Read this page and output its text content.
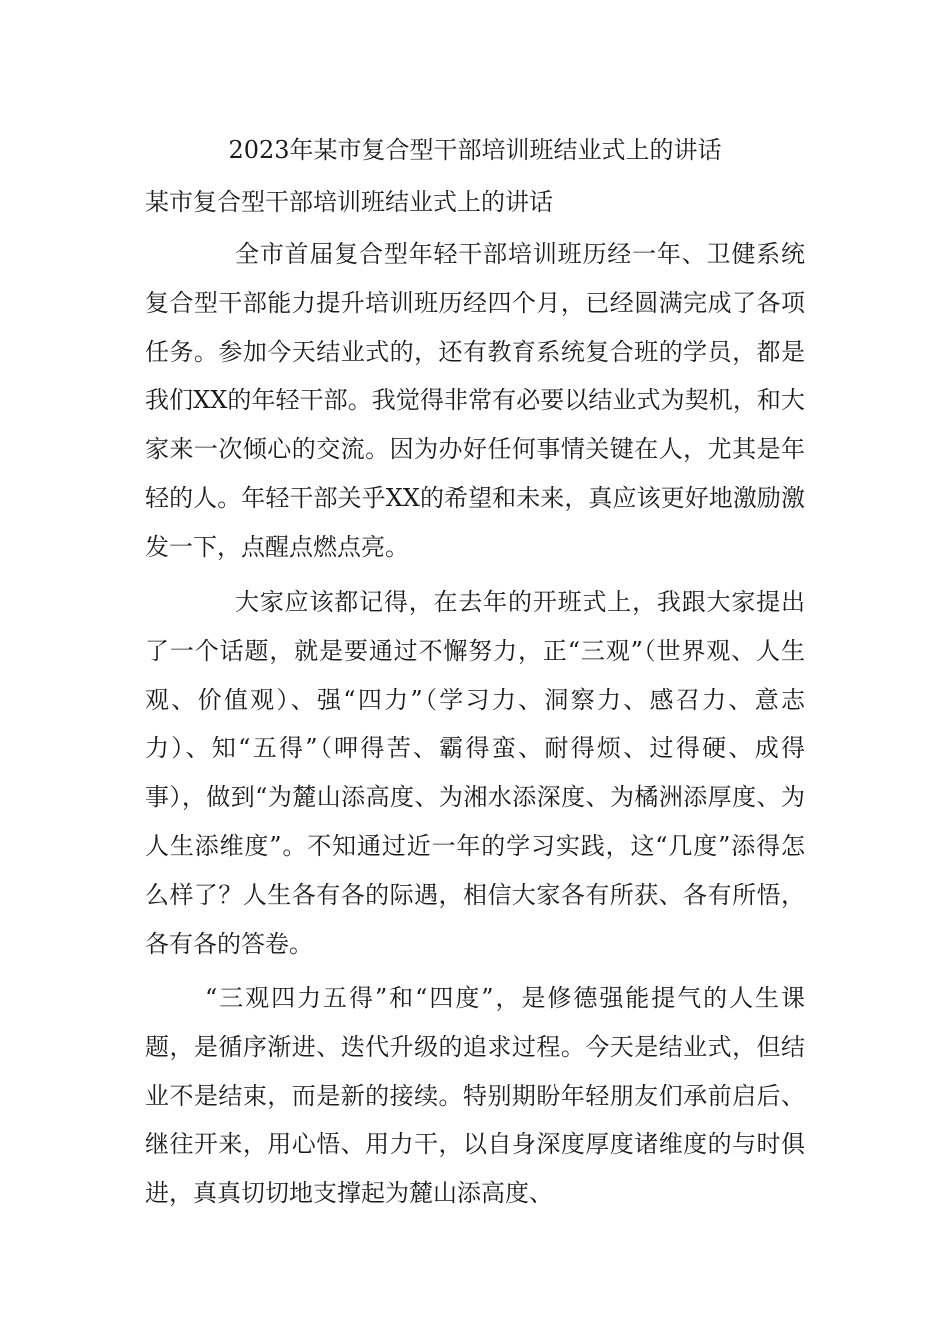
2023年某市复合型干部培训班结业式上的讲话
某市复合型干部培训班结业式上的讲话

全市首届复合型年轻干部培训班历经一年、卫健系统复合型干部能力提升培训班历经四个月，已经圆满完成了各项任务。参加今天结业式的，还有教育系统复合班的学员，都是我们XX的年轻干部。我觉得非常有必要以结业式为契机，和大家来一次倾心的交流。因为办好任何事情关键在人，尤其是年轻的人。年轻干部关乎XX的希望和未来，真应该更好地激励激发一下，点醒点燃点亮。

大家应该都记得，在去年的开班式上，我跟大家提出了一个话题，就是要通过不懈努力，正“三观”（世界观、人生观、价值观）、强“四力”（学习力、洞察力、感召力、意志力）、知“五得”（呷得苦、霸得蛮、耐得烦、过得硬、成得事），做到“为麓山添高度、为湘水添深度、为橘洲添厚度、为人生添维度”。不知通过近一年的学习实践，这“几度”添得怎么样了？人生各有各的际遇，相信大家各有所获、各有所悟，各有各的答卷。

“三观四力五得”和“四度”，是修德强能提气的人生课题，是循序渐进、迭代升级的追求过程。今天是结业式，但结业不是结束，而是新的接续。特别期盼年轻朋友们承前启后、继往开来，用心悟、用力干，以自身深度厚度诸维度的与时俱进，真真切切地支撑起为麓山添高度、
